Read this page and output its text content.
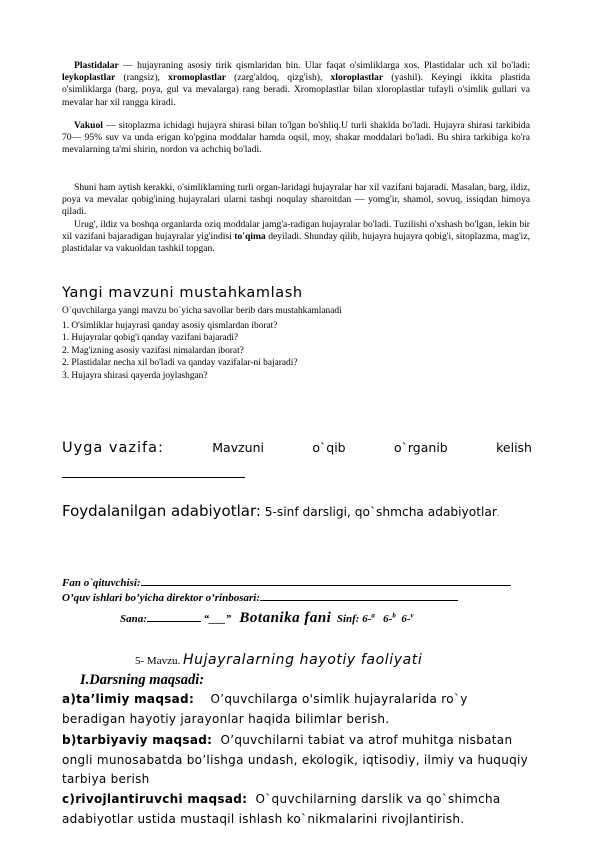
Plastidalar — hujayraning asosiy tirik qismlaridan bin. Ular faqat o'simliklarga xos. Plastidalar uch xil bo'ladi: leykoplastlar (rangsiz), xromoplastlar (zarg'aldoq, qizg'ish), xloroplastlar (yashil). Keyingi ikkita plastida o'simliklarga (barg, poya, gul va mevalarga) rang beradi. Xromoplastlar bilan xloroplastlar tufayli o'simlik gullari va mevalar har xil rangga kiradi.

Vakuol — sitoplazma ichidagi hujayra shirasi bilan to'lgan bo'shliq.U turli shaklda bo'ladi. Hujayra shirasi tarkibida 70— 95% suv va unda erigan ko'pgina moddalar hamda oqsil, moy, shakar moddalari bo'ladi. Bu shira tarkibiga ko'ra mevalarning ta'mi shirin, nordon va achchiq bo'ladi.

Shuni ham aytish kerakki, o'simliklarning turli organ-laridagi hujayralar har xil vazifani bajaradi. Masalan, barg, ildiz, poya va mevalar qobig'ining hujayralari ularni tashqi noqulay sharoitdan — yomg'ir, shamol, sovuq, issiqdan himoya qiladi.

Urug', ildiz va boshqa organlarda oziq moddalar jamg'a-radigan hujayralar bo'ladi. Tuzilishi o'xshash bo'lgan, lekin bir xil vazifani bajaradigan hujayralar yig'indisi to'qima deyiladi. Shunday qilib, hujayra hujayra qobig'i, sitoplazma, mag'iz, plastidalar va vakuoldan tashkil topgan.

Yangi mavzuni mustahkamlash

O`quvchilarga yangi mavzu bo`yicha savollar berib dars mustahkamlanadi

1. O'simliklar hujayrasi qanday asosiy qismlardan iborat?
1. Hujayralar qobig'i qanday vazifani bajaradi?
2. Mag'izning asosiy vazifasi nimalardan iborat?
2. Plastidalar necha xil bo'ladi va qanday vazifalar-ni bajaradi?
3. Hujayra shirasi qayerda joylashgan?
Uyga vazifa:	Mavzuni	o`qib	o`rganib	kelish

Foydalanilgan adabiyotlar: 5-sinf darsligi, qo`shmcha adabiyotlar.

Fan o`qituvchisi:

O’quv ishlari bo’yicha direktor o’rinbosari:

Sana:	“___” Botanika fani Sinf: 6-$^a$ 6-$^b$ 6-$^v$

5- Mavzu. Hujayralarning hayotiy faoliyati

I.Darsning maqsadi:

a)ta’limiy maqsad: O’quvchilarga o'simlik hujayralarida ro`y beradigan hayotiy jarayonlar haqida bilimlar berish.

b)tarbiyaviy maqsad: O’quvchilarni tabiat va atrof muhitga nisbatan ongli munosabatda bo’lishga undash, ekologik, iqtisodiy, ilmiy va huquqiy tarbiya berish

c)rivojlantiruvchi maqsad: O`quvchilarning darslik va qo`shimcha adabiyotlar ustida mustaqil ishlash ko`nikmalarini rivojlantirish.
